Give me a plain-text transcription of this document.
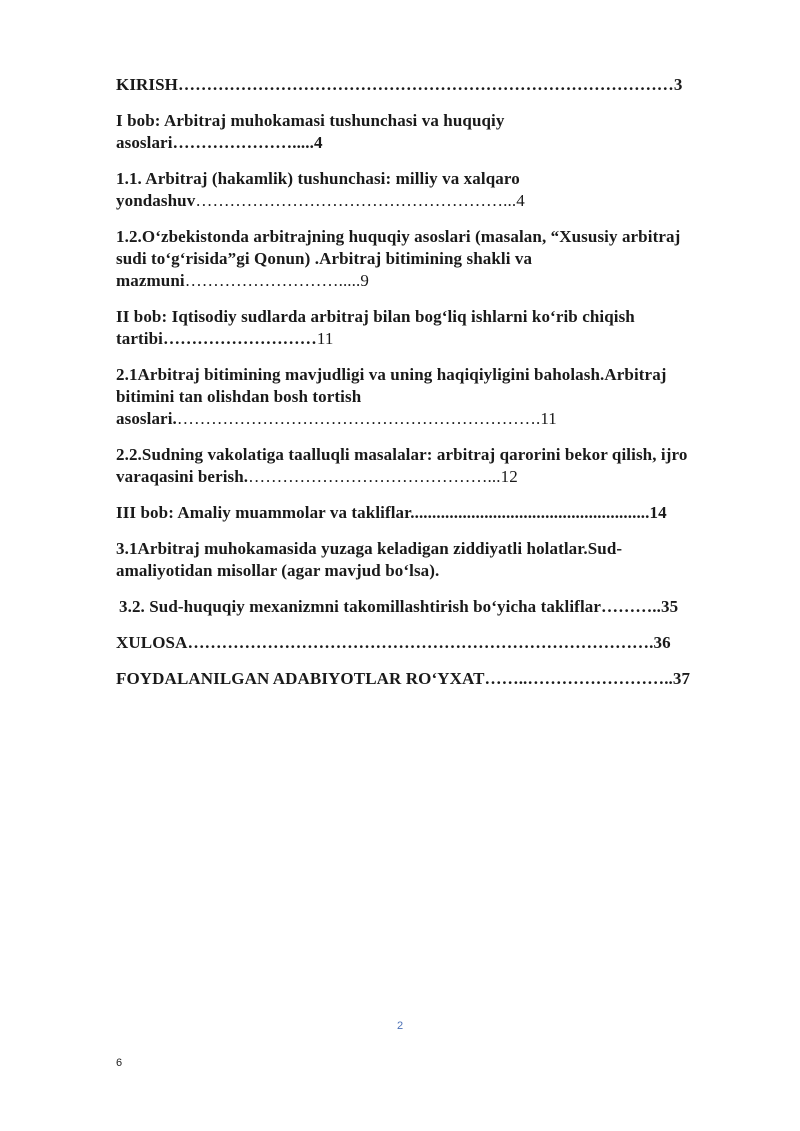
KIRISH……………………………………………………………………………3
I bob: Arbitraj muhokamasi tushunchasi va huquqiy
asoslari………………….....4
1.1. Arbitraj (hakamlik) tushunchasi: milliy va xalqaro
yondashuv………………………………………………...4
1.2.O‘zbekistonda arbitrajning huquqiy asoslari (masalan, “Xususiy arbitraj
sudi to‘g‘risida”gi Qonun) .Arbitraj bitimining shakli va
mazmuni……………………….....9
II bob: Iqtisodiy sudlarda arbitraj bilan bog‘liq ishlarni ko‘rib chiqish
tartibi………………………11
2.1Arbitraj bitimining mavjudligi va uning haqiqiyligini baholash.Arbitraj
bitimini tan olishdan bosh tortish
asoslari.……………………………………………………….11
2.2.Sudning vakolatiga taalluqli masalalar: arbitraj qarorini bekor qilish, ijro
varaqasini berish.……………………………………...12
III bob: Amaliy muammolar va takliflar.......................................................14
3.1Arbitraj muhokamasida yuzaga keladigan ziddiyatli holatlar.Sud-
amaliyotidan misollar (agar mavjud bo‘lsa).
3.2. Sud-huquqiy mexanizmni takomillashtirish bo‘yicha takliflar………..35
XULOSA……………………………………………………………………….36
FOYDALANILGAN ADABIYOTLAR RO‘YXAT……..……………………..37
2
6
